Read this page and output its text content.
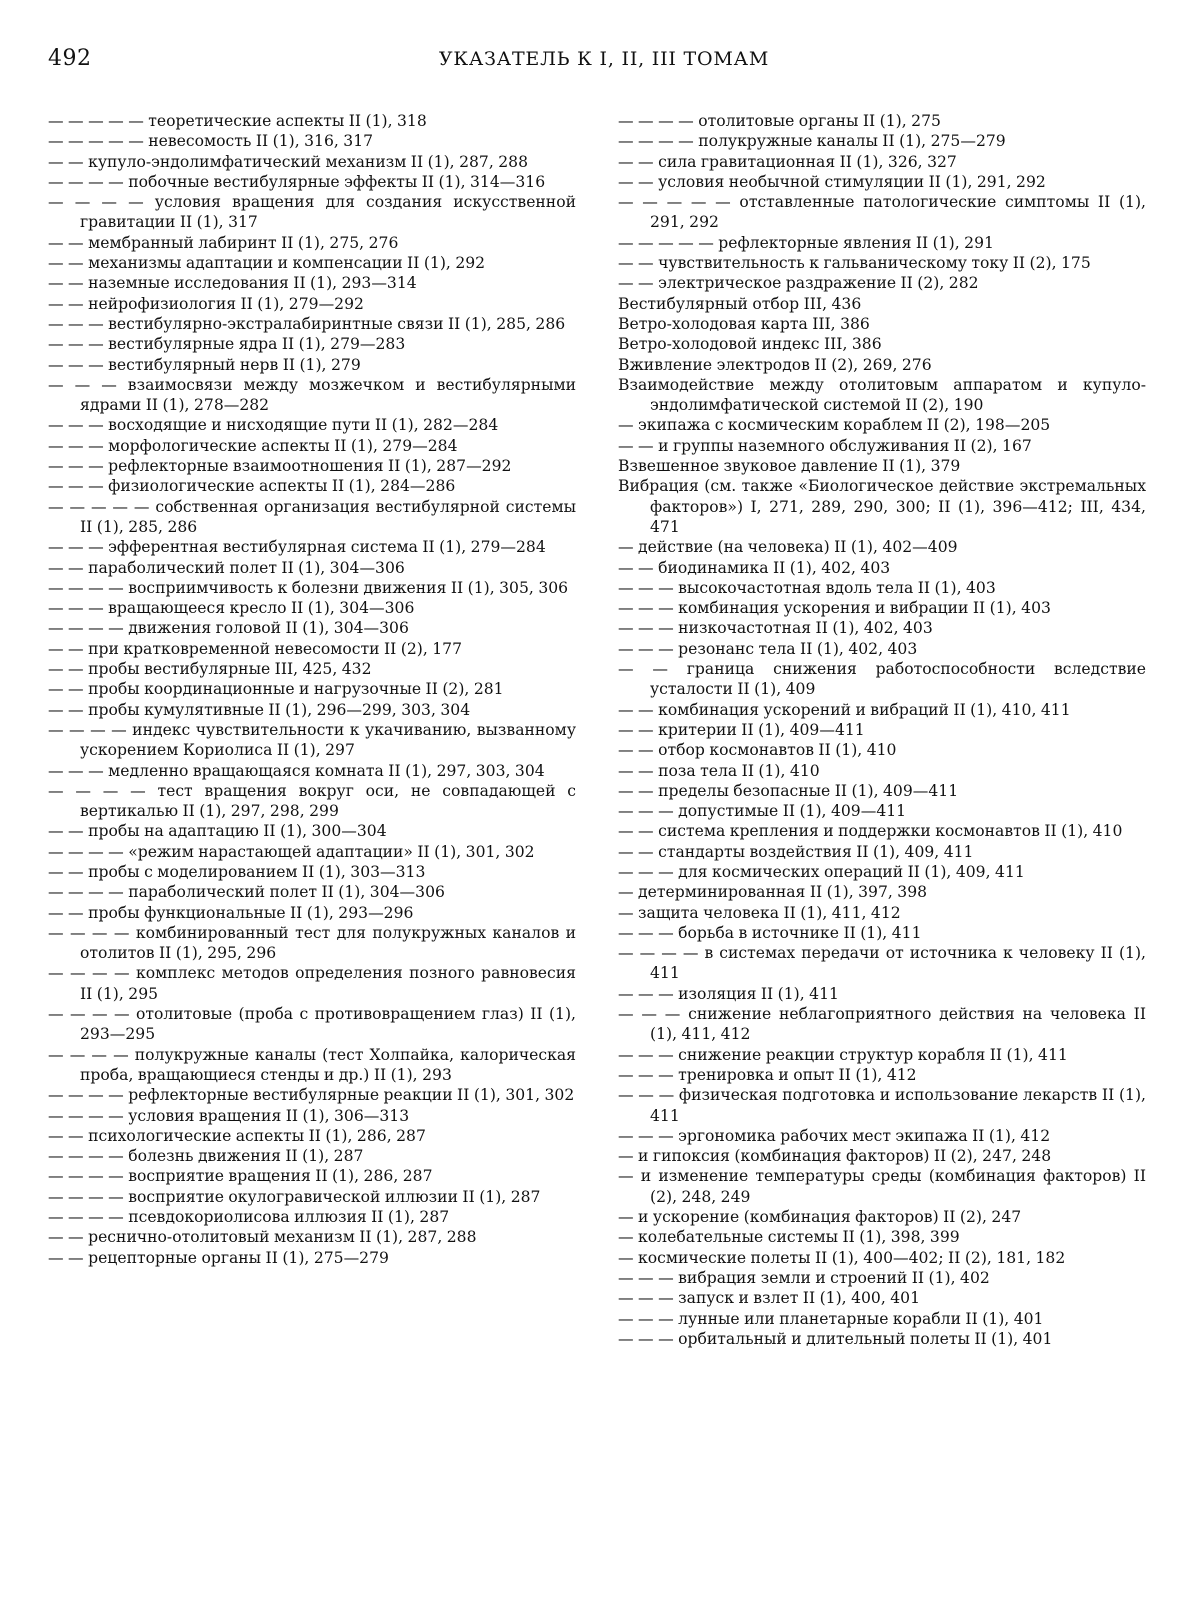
492	УКАЗАТЕЛЬ К I, II, III ТОМАМ
— — — — — теоретические аспекты II (1), 318
— — — — — невесомость II (1), 316, 317
— — купуло-эндолимфатический механизм II (1), 287, 288
— — — — побочные вестибулярные эффекты II (1), 314—316
— — — — условия вращения для создания искусственной гравитации II (1), 317
— — мембранный лабиринт II (1), 275, 276
— — механизмы адаптации и компенсации II (1), 292
— — наземные исследования II (1), 293—314
— — нейрофизиология II (1), 279—292
— — — вестибулярно-экстралабиринтные связи II (1), 285, 286
— — — вестибулярные ядра II (1), 279—283
— — — вестибулярный нерв II (1), 279
— — — взаимосвязи между мозжечком и вестибулярными ядрами II (1), 278—282
— — — восходящие и нисходящие пути II (1), 282—284
— — — морфологические аспекты II (1), 279—284
— — — рефлекторные взаимоотношения II (1), 287—292
— — — физиологические аспекты II (1), 284—286
— — — — — собственная организация вестибулярной системы II (1), 285, 286
— — — эфферентная вестибулярная система II (1), 279—284
— — параболический полет II (1), 304—306
— — — — восприимчивость к болезни движения II (1), 305, 306
— — — вращающееся кресло II (1), 304—306
— — — — движения головой II (1), 304—306
— — при кратковременной невесомости II (2), 177
— — пробы вестибулярные III, 425, 432
— — пробы координационные и нагрузочные II (2), 281
— — пробы кумулятивные II (1), 296—299, 303, 304
— — — — индекс чувствительности к укачиванию, вызванному ускорением Кориолиса II (1), 297
— — — медленно вращающаяся комната II (1), 297, 303, 304
— — — — тест вращения вокруг оси, не совпадающей с вертикалью II (1), 297, 298, 299
— — пробы на адаптацию II (1), 300—304
— — — — «режим нарастающей адаптации» II (1), 301, 302
— — пробы с моделированием II (1), 303—313
— — — — параболический полет II (1), 304—306
— — пробы функциональные II (1), 293—296
— — — — комбинированный тест для полукружных каналов и отолитов II (1), 295, 296
— — — — комплекс методов определения позного равновесия II (1), 295
— — — — отолитовые (проба с противовращением глаз) II (1), 293—295
— — — — полукружные каналы (тест Холпайка, калорическая проба, вращающиеся стенды и др.) II (1), 293
— — — — рефлекторные вестибулярные реакции II (1), 301, 302
— — — — условия вращения II (1), 306—313
— — психологические аспекты II (1), 286, 287
— — — — болезнь движения II (1), 287
— — — — восприятие вращения II (1), 286, 287
— — — — восприятие окулогравической иллюзии II (1), 287
— — — — псевдокориолисова иллюзия II (1), 287
— — реснично-отолитовый механизм II (1), 287, 288
— — рецепторные органы II (1), 275—279
— — — — отолитовые органы II (1), 275
— — — — полукружные каналы II (1), 275—279
— — сила гравитационная II (1), 326, 327
— — условия необычной стимуляции II (1), 291, 292
— — — — — отставленные патологические симптомы II (1), 291, 292
— — — — — рефлекторные явления II (1), 291
— — чувствительность к гальваническому току II (2), 175
— — электрическое раздражение II (2), 282
Вестибулярный отбор III, 436
Ветро-холодовая карта III, 386
Ветро-холодовой индекс III, 386
Вживление электродов II (2), 269, 276
Взаимодействие между отолитовым аппаратом и купуло-эндолимфатической системой II (2), 190
— экипажа с космическим кораблем II (2), 198—205
— — и группы наземного обслуживания II (2), 167
Взвешенное звуковое давление II (1), 379
Вибрация (см. также «Биологическое действие экстремальных факторов») I, 271, 289, 290, 300; II (1), 396—412; III, 434, 471
— действие (на человека) II (1), 402—409
— — биодинамика II (1), 402, 403
— — — высокочастотная вдоль тела II (1), 403
— — — комбинация ускорения и вибрации II (1), 403
— — — низкочастотная II (1), 402, 403
— — — резонанс тела II (1), 402, 403
— — граница снижения работоспособности вследствие усталости II (1), 409
— — комбинация ускорений и вибраций II (1), 410, 411
— — критерии II (1), 409—411
— — отбор космонавтов II (1), 410
— — поза тела II (1), 410
— — пределы безопасные II (1), 409—411
— — — допустимые II (1), 409—411
— — система крепления и поддержки космонавтов II (1), 410
— — стандарты воздействия II (1), 409, 411
— — — для космических операций II (1), 409, 411
— детерминированная II (1), 397, 398
— защита человека II (1), 411, 412
— — — борьба в источнике II (1), 411
— — — — в системах передачи от источника к человеку II (1), 411
— — — изоляция II (1), 411
— — — снижение неблагоприятного действия на человека II (1), 411, 412
— — — снижение реакции структур корабля II (1), 411
— — — тренировка и опыт II (1), 412
— — — физическая подготовка и использование лекарств II (1), 411
— — — эргономика рабочих мест экипажа II (1), 412
— и гипоксия (комбинация факторов) II (2), 247, 248
— и изменение температуры среды (комбинация факторов) II (2), 248, 249
— и ускорение (комбинация факторов) II (2), 247
— колебательные системы II (1), 398, 399
— космические полеты II (1), 400—402; II (2), 181, 182
— — — вибрация земли и строений II (1), 402
— — — запуск и взлет II (1), 400, 401
— — — лунные или планетарные корабли II (1), 401
— — — орбитальный и длительный полеты II (1), 401
